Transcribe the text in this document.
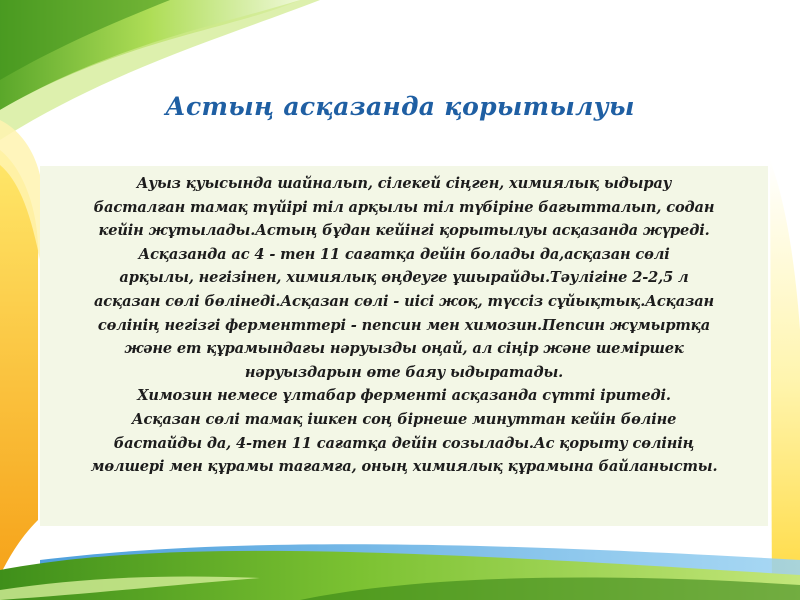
Астың асқазанда қорытылуы

Ауыз қуысында шайналып, сілекей сіңген, химиялық ыдырау
басталған тамақ түйірі тіл арқылы тіл түбіріне бағытталып, содан
кейін жұтылады.Астың бұдан кейінгі қорытылуы асқазанда жүреді.
Асқазанда ас 4 - тен 11 сағатқа дейін болады да,асқазан сөлі
арқылы, негізінен, химиялық өңдеуге ұшырайды.Тәулігіне 2-2,5 л
асқазан сөлі бөлінеді.Асқазан сөлі - иісі жоқ, түссіз сұйықтық.Асқазан
сөлінің негізгі ферменттері - пепсин мен химозин.Пепсин жұмыртқа
және ет құрамындағы нәруызды оңай, ал сіңір және шеміршек
нәруыздарын өте баяу ыдыратады.
Химозин немесе ұлтабар ферменті асқазанда сүтті іритеді.
Асқазан сөлі тамақ ішкен соң бірнеше минуттан кейін бөліне
бастайды да, 4-тен 11 сағатқа дейін созылады.Ас қорыту сөлінің
мөлшері мен құрамы тағамға, оның химиялық құрамына байланысты.
